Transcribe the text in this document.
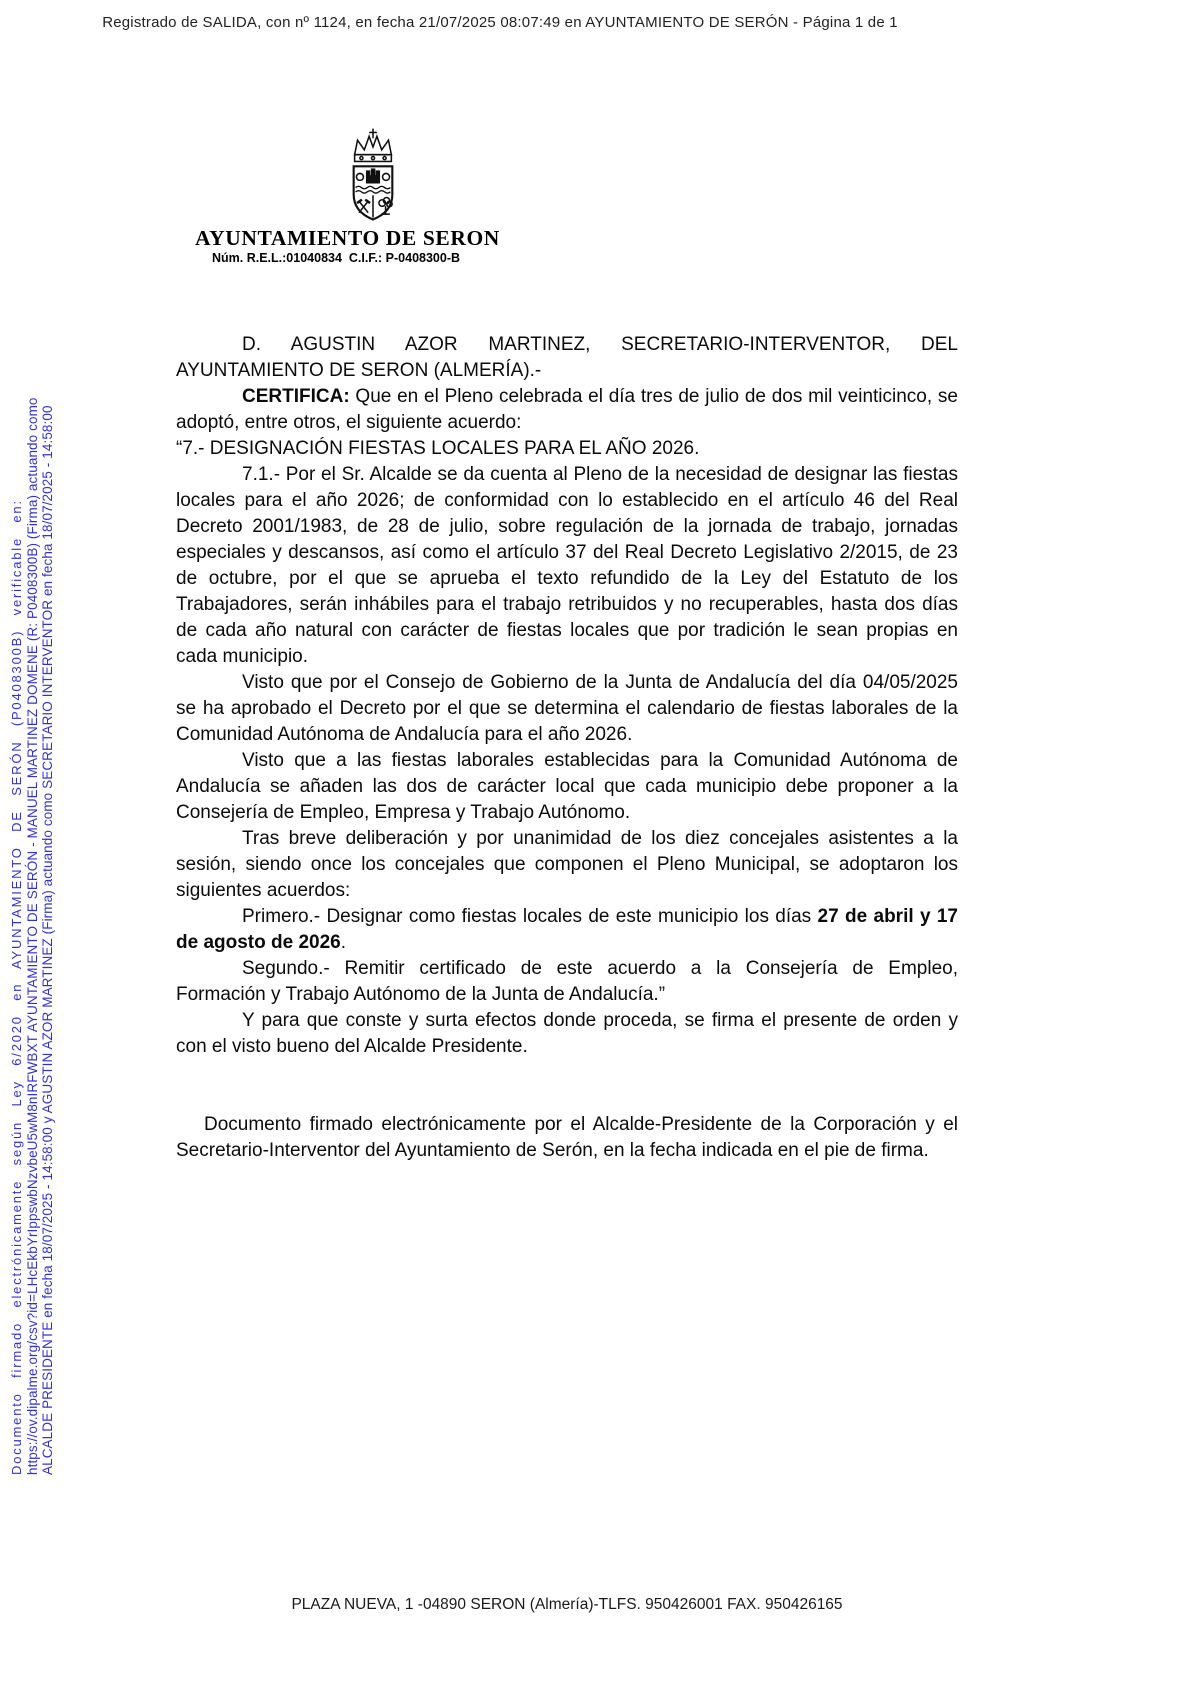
Registrado de SALIDA, con nº 1124, en fecha 21/07/2025 08:07:49 en AYUNTAMIENTO DE SERÓN - Página 1 de 1
Documento firmado electrónicamente según Ley 6/2020 en AYUNTAMIENTO DE SERÓN (P0408300B) verificable en: https://ov.dipalme.org/csv?id=LHcEkbYrIppswbNzvbeU5wM8nIRFWBXT AYUNTAMIENTO DE SERÓN - MANUEL MARTINEZ DOMENE (R: P0408300B) (Firma) actuando como ALCALDE PRESIDENTE en fecha 18/07/2025 - 14:58:00 y AGUSTIN AZOR MARTINEZ (Firma) actuando como SECRETARIO INTERVENTOR en fecha 18/07/2025 - 14:58:00
AYUNTAMIENTO DE SERON
Núm. R.E.L.:01040834  C.I.F.: P-0408300-B

D. AGUSTIN AZOR MARTINEZ, SECRETARIO-INTERVENTOR, DEL AYUNTAMIENTO DE SERON (ALMERÍA).-

CERTIFICA: Que en el Pleno celebrada el día tres de julio de dos mil veinticinco, se adoptó, entre otros, el siguiente acuerdo:

“7.- DESIGNACIÓN FIESTAS LOCALES PARA EL AÑO 2026.

7.1.- Por el Sr. Alcalde se da cuenta al Pleno de la necesidad de designar las fiestas locales para el año 2026; de conformidad con lo establecido en el artículo 46 del Real Decreto 2001/1983, de 28 de julio, sobre regulación de la jornada de trabajo, jornadas especiales y descansos, así como el artículo 37 del Real Decreto Legislativo 2/2015, de 23 de octubre, por el que se aprueba el texto refundido de la Ley del Estatuto de los Trabajadores, serán inhábiles para el trabajo retribuidos y no recuperables, hasta dos días de cada año natural con carácter de fiestas locales que por tradición le sean propias en cada municipio.

Visto que por el Consejo de Gobierno de la Junta de Andalucía del día 04/05/2025 se ha aprobado el Decreto por el que se determina el calendario de fiestas laborales de la Comunidad Autónoma de Andalucía para el año 2026.

Visto que a las fiestas laborales establecidas para la Comunidad Autónoma de Andalucía se añaden las dos de carácter local que cada municipio debe proponer a la Consejería de Empleo, Empresa y Trabajo Autónomo.

Tras breve deliberación y por unanimidad de los diez concejales asistentes a la sesión, siendo once los concejales que componen el Pleno Municipal, se adoptaron los siguientes acuerdos:

Primero.- Designar como fiestas locales de este municipio los días 27 de abril y 17 de agosto de 2026.

Segundo.- Remitir certificado de este acuerdo a la Consejería de Empleo, Formación y Trabajo Autónomo de la Junta de Andalucía.”

Y para que conste y surta efectos donde proceda, se firma el presente de orden y con el visto bueno del Alcalde Presidente.

Documento firmado electrónicamente por el Alcalde-Presidente de la Corporación y el Secretario-Interventor del Ayuntamiento de Serón, en la fecha indicada en el pie de firma.

PLAZA NUEVA, 1 -04890 SERON (Almería)-TLFS. 950426001 FAX. 950426165
